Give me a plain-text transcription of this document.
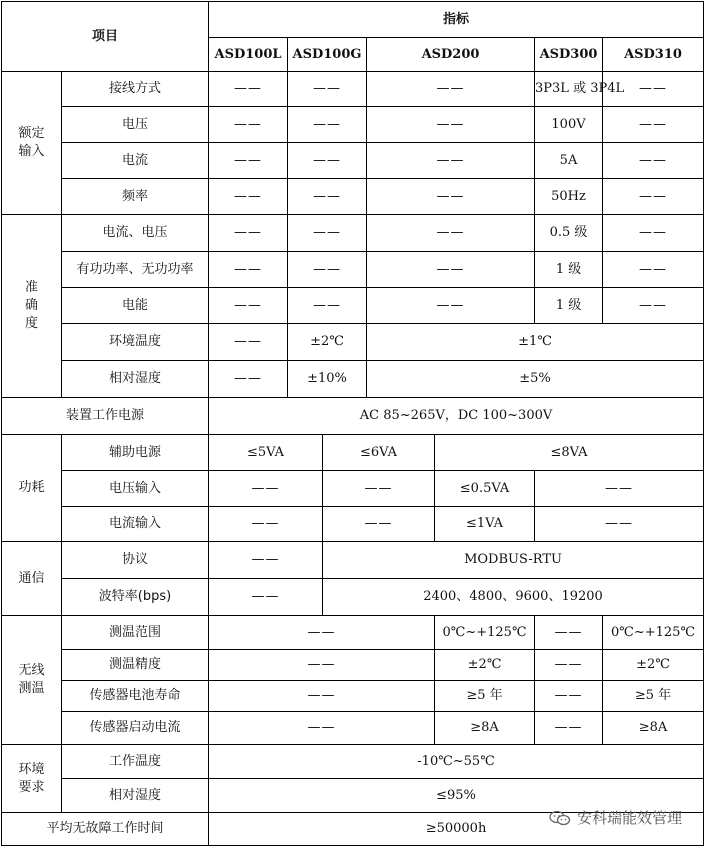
项目		指标							
		ASD100L	ASD100G		ASD200		ASD300	ASD310	
额定
输入	接线方式	——	——		——		3P3L 或 3P4L	——	
	电压	——	——		——		100V	——	
	电流	——	——		——		5A	——	
	频率	——	——		——		50Hz	——	
准
确
度	电流、电压	——	——		——		0.5 级	——	
	有功功率、无功功率	——	——		——		1 级	——	
	电能	——	——		——		1 级	——	
	环境温度	——	±2℃		±1℃				
	相对湿度	——	±10%		±5%				
装置工作电源		AC 85~265V，DC 100~300V							
功耗	辅助电源	≤5VA		≤6VA		≤8VA			
	电压输入	——		——		≤0.5VA	——		
	电流输入	——		——		≤1VA	——		
通信	协议	——		MODBUS-RTU					
	波特率(bps)	——		2400、4800、9600、19200					
无线
测温	测温范围	——				0℃~+125℃	——	0℃~+125℃	
	测温精度	——				±2℃	——	±2℃	
	传感器电池寿命	——				≥5 年	——	≥5 年	
	传感器启动电流	——				≥8A	——	≥8A	
环境
要求	工作温度	-10℃~55℃							
	相对湿度	≤95%							
平均无故障工作时间		≥50000h							
安科瑞能效管理
